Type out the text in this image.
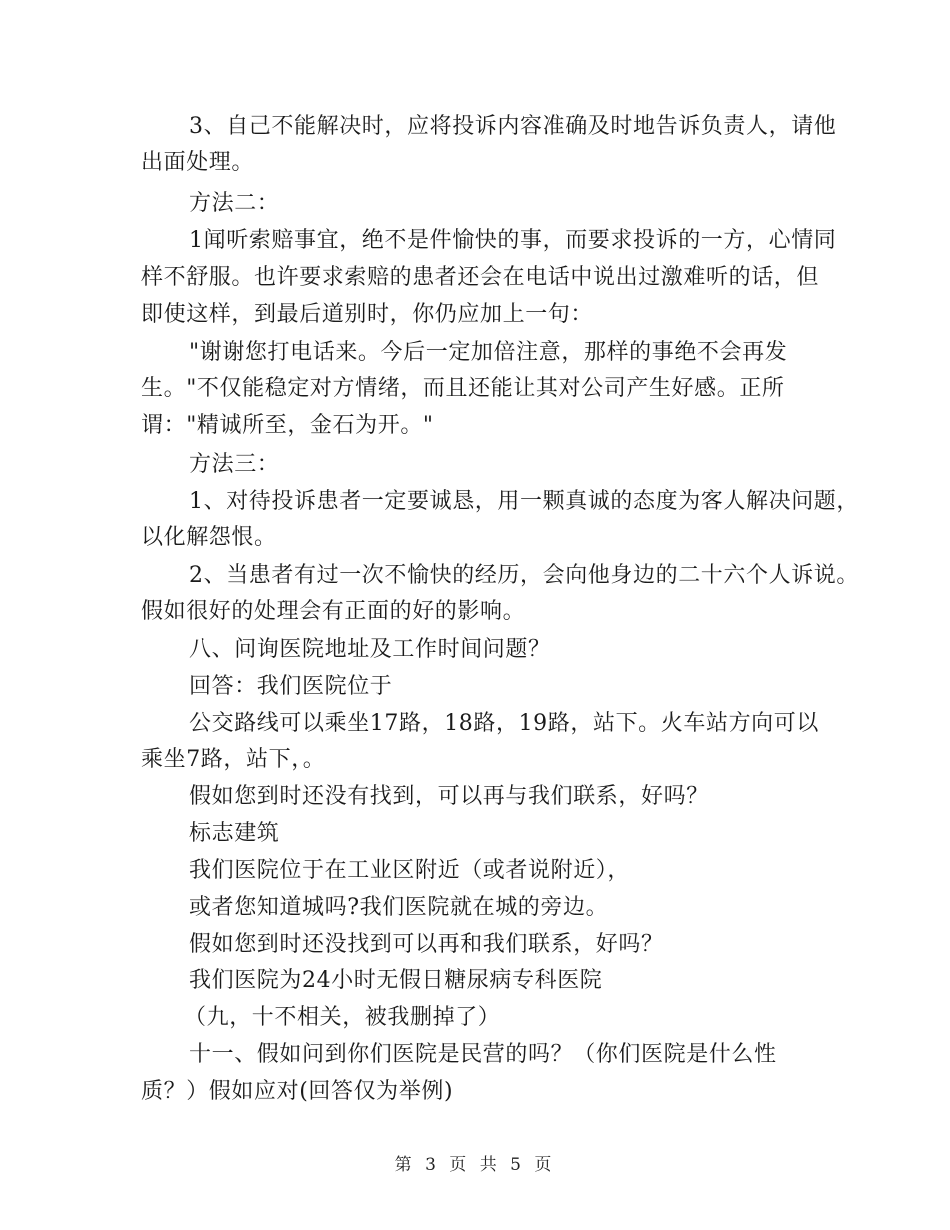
3、自己不能解决时，应将投诉内容准确及时地告诉负责人，请他
出面处理。
方法二：
1闻听索赔事宜，绝不是件愉快的事，而要求投诉的一方，心情同
样不舒服。也许要求索赔的患者还会在电话中说出过激难听的话，但
即使这样，到最后道别时，你仍应加上一句：
"谢谢您打电话来。今后一定加倍注意，那样的事绝不会再发
生。"不仅能稳定对方情绪，而且还能让其对公司产生好感。正所
谓："精诚所至，金石为开。"
方法三：
1、对待投诉患者一定要诚恳，用一颗真诚的态度为客人解决问题，
以化解怨恨。
2、当患者有过一次不愉快的经历，会向他身边的二十六个人诉说。
假如很好的处理会有正面的好的影响。
八、问询医院地址及工作时间问题？
回答：我们医院位于
公交路线可以乘坐17路，18路，19路，站下。火车站方向可以
乘坐7路，站下，。
假如您到时还没有找到，可以再与我们联系，好吗？
标志建筑
我们医院位于在工业区附近（或者说附近），
或者您知道城吗?我们医院就在城的旁边。
假如您到时还没找到可以再和我们联系，好吗？
我们医院为24小时无假日糖尿病专科医院
（九，十不相关，被我删掉了）
十一、假如问到你们医院是民营的吗？（你们医院是什么性
质？）假如应对(回答仅为举例)
第 3 页 共 5 页
